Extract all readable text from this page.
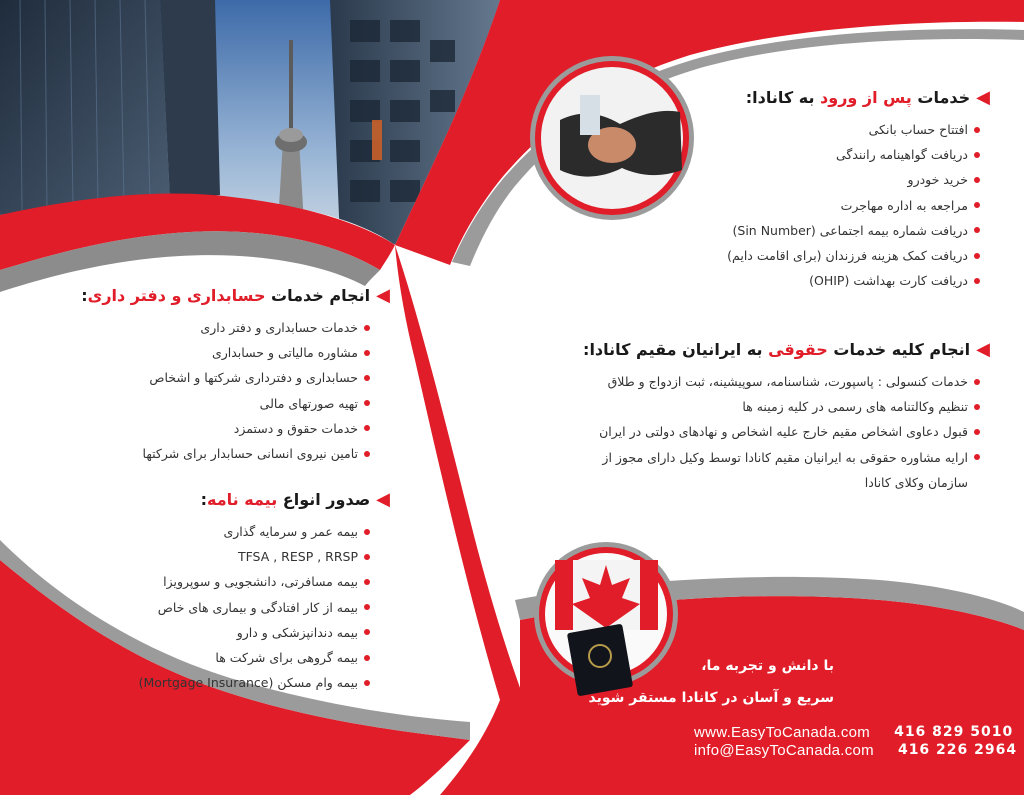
◀
خدمات پس از ورود به کانادا:
افتتاح حساب بانکی
دریافت گواهینامه رانندگی
خرید خودرو
مراجعه به اداره مهاجرت
دریافت شماره بیمه اجتماعی (Sin Number)
دریافت کمک هزینه فرزندان (برای اقامت دایم)
دریافت کارت بهداشت (OHIP)
◀
انجام کلیه خدمات حقوقی به ایرانیان مقیم کانادا:
خدمات کنسولی : پاسپورت، شناسنامه، سوپیشینه، ثبت ازدواج و طلاق
تنظیم وکالتنامه های رسمی در کلیه زمینه ها
قبول دعاوی اشخاص مقیم خارج علیه اشخاص و نهادهای دولتی در ایران
ارایه مشاوره حقوقی به ایرانیان مقیم کانادا توسط وکیل دارای مجوز از سازمان وکلای کانادا
◀
انجام خدمات حسابداری و دفتر داری:
خدمات حسابداری و دفتر داری
مشاوره مالیاتی و حسابداری
حسابداری و دفترداری شرکتها و اشخاص
تهیه صورتهای مالی
خدمات حقوق و دستمزد
تامین نیروی انسانی حسابدار برای شرکتها
◀
صدور انواع بیمه نامه:
بیمه عمر و سرمایه گذاری
TFSA , RESP , RRSP
بیمه مسافرتی، دانشجویی و سوپرویزا
بیمه از کار افتادگی و بیماری های خاص
بیمه دندانپزشکی و دارو
بیمه گروهی برای شرکت ها
بیمه وام مسکن (Mortgage Insurance)
با دانش و تجربه ما،
سریع و آسان در کانادا مستقر شوید
www.EasyToCanada.com 416 829 5010
info@EasyToCanada.com 416 226 2964
